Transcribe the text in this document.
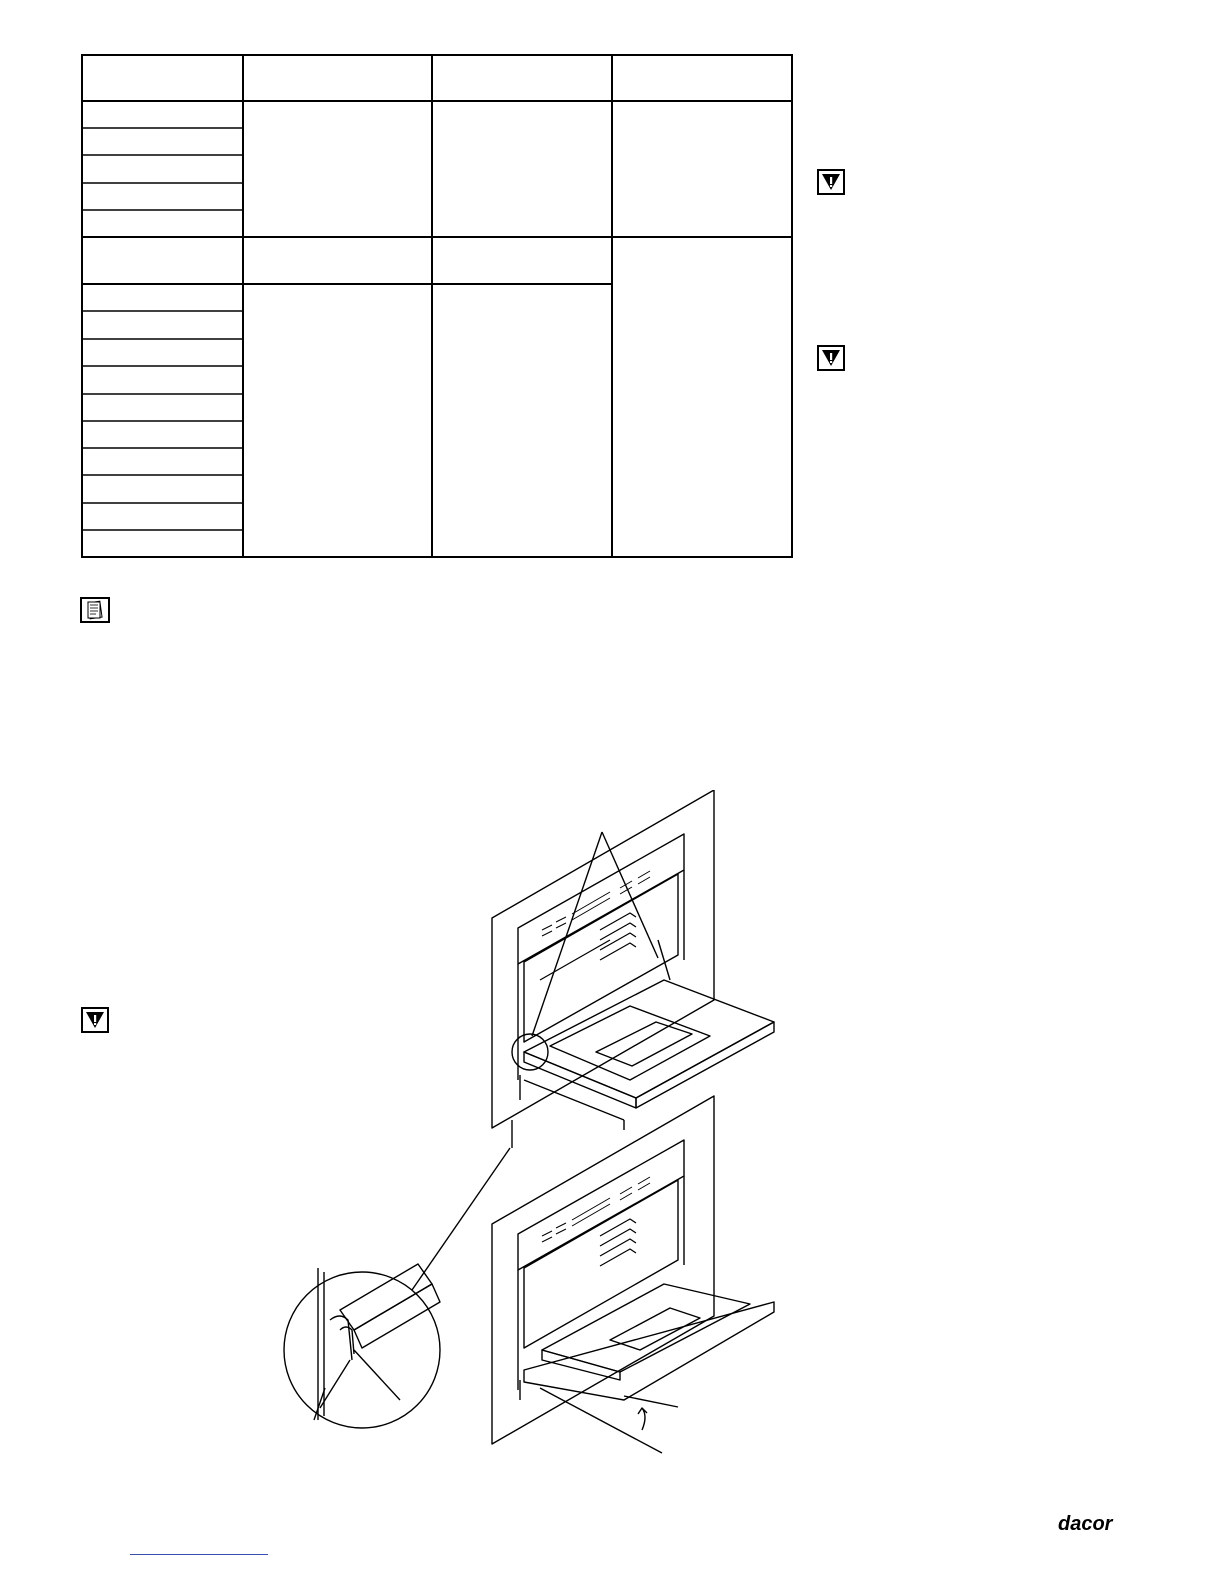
dacor
